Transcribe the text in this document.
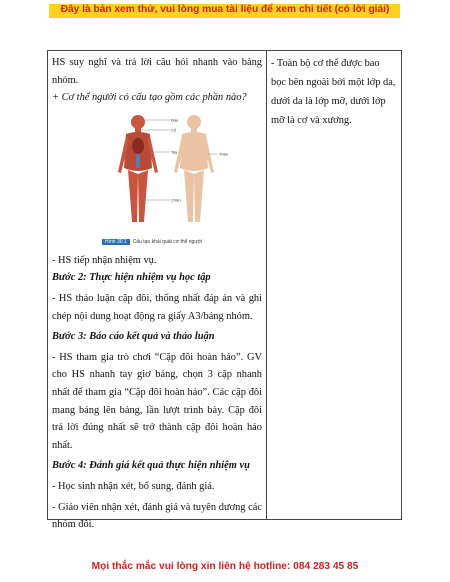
Đây là bản xem thử, vui lòng mua tài liệu để xem chi tiết (có lời giải)

HS suy nghĩ và trả lời câu hỏi nhanh vào bảng nhóm.

+ Cơ thể người có cấu tạo gồm các phần nào?

Đầu
Cổ
Tay	Thân
Chân
Hình 30.1 Cấu tạo khái quát cơ thể người

- HS tiếp nhận nhiệm vụ.

Bước 2: Thực hiện nhiệm vụ học tập

- HS thảo luận cặp đôi, thống nhất đáp án và ghi chép nội dung hoạt động ra giấy A3/bảng nhóm.

Bước 3: Báo cáo kết quả và thảo luận

- HS tham gia trò chơi “Cặp đôi hoàn hảo”. GV cho HS nhanh tay giơ bảng, chọn 3 cặp nhanh nhất để tham gia “Cặp đôi hoàn hảo”. Các cặp đôi mang bảng lên bảng, lần lượt trình bày. Cặp đôi trả lời đúng nhất sẽ trở thành cặp đôi hoàn hảo nhất.

Bước 4: Đánh giá kết quả thực hiện nhiệm vụ

- Học sinh nhận xét, bổ sung, đánh giá.

- Giáo viên nhận xét, đánh giá và tuyên dương các nhóm đôi.

- Toàn bộ cơ thể được bao bọc bên ngoài bởi một lớp da, dưới da là lớp mỡ, dưới lớp mỡ là cơ và xương.

Mọi thắc mắc vui lòng xin liên hệ hotline: 084 283 45 85
